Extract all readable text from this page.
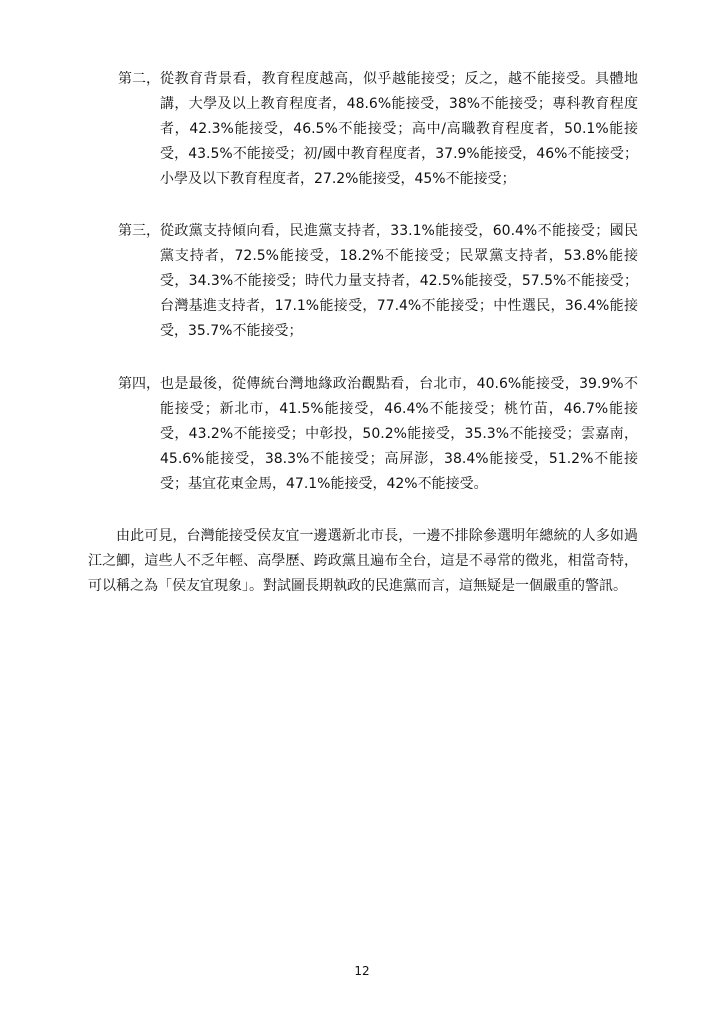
第二， 從教育背景看，教育程度越高，似乎越能接受；反之，越不能接受。具體地講，大學及以上教育程度者，48.6%能接受，38%不能接受；專科教育程度者，42.3%能接受，46.5%不能接受；高中/高職教育程度者，50.1%能接受，43.5%不能接受；初/國中教育程度者，37.9%能接受，46%不能接受；小學及以下教育程度者，27.2%能接受，45%不能接受；
第三， 從政黨支持傾向看，民進黨支持者，33.1%能接受，60.4%不能接受；國民黨支持者，72.5%能接受，18.2%不能接受；民眾黨支持者，53.8%能接受，34.3%不能接受；時代力量支持者，42.5%能接受，57.5%不能接受；台灣基進支持者，17.1%能接受，77.4%不能接受；中性選民，36.4%能接受，35.7%不能接受；
第四， 也是最後，從傳統台灣地緣政治觀點看，台北市，40.6%能接受，39.9%不能接受；新北市，41.5%能接受，46.4%不能接受；桃竹苗，46.7%能接受，43.2%不能接受；中彰投，50.2%能接受，35.3%不能接受；雲嘉南，45.6%能接受，38.3%不能接受；高屏澎，38.4%能接受，51.2%不能接受；基宜花東金馬，47.1%能接受，42%不能接受。

由此可見，台灣能接受侯友宜一邊選新北市長，一邊不排除參選明年總統的人多如過江之鯽，這些人不乏年輕、高學歷、跨政黨且遍布全台，這是不尋常的徵兆，相當奇特，可以稱之為「侯友宜現象」。對試圖長期執政的民進黨而言，這無疑是一個嚴重的警訊。

12
